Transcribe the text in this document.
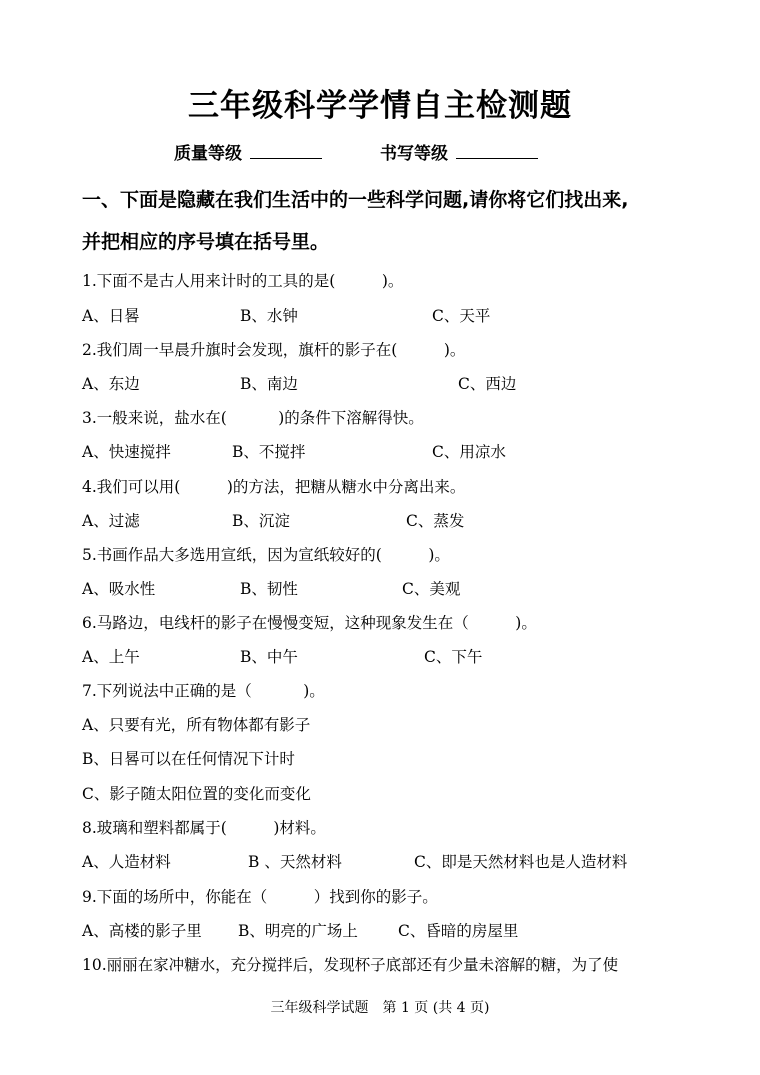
三年级科学学情自主检测题
质量等级	书写等级
一、下面是隐藏在我们生活中的一些科学问题,请你将它们找出来,
并把相应的序号填在括号里。
1.下面不是古人用来计时的工具的是(　　　)。
A、日晷	B、水钟	C、天平
2.我们周一早晨升旗时会发现，旗杆的影子在(　　　)。
A、东边	B、南边	C、西边
3.一般来说，盐水在(　　　 )的条件下溶解得快。
A、快速搅拌	B、不搅拌	C、用凉水
4.我们可以用(　　　)的方法，把糖从糖水中分离出来。
A、过滤	B、沉淀	C、蒸发
5.书画作品大多选用宣纸，因为宣纸较好的(　　　)。
A、吸水性	B、韧性	C、美观
6.马路边，电线杆的影子在慢慢变短，这种现象发生在（　　　)。
A、上午	B、中午	C、下午
7.下列说法中正确的是（　　　 )。
A、只要有光，所有物体都有影子
B、日晷可以在任何情况下计时
C、影子随太阳位置的变化而变化
8.玻璃和塑料都属于(　　　)材料。
A、人造材料	B 、天然材料	C、即是天然材料也是人造材料
9.下面的场所中，你能在（　　　）找到你的影子。
A、高楼的影子里 B、明亮的广场上	C、昏暗的房屋里
10.丽丽在家冲糖水，充分搅拌后，发现杯子底部还有少量未溶解的糖，为了使
三年级科学试题　第 1 页 (共 4 页)
